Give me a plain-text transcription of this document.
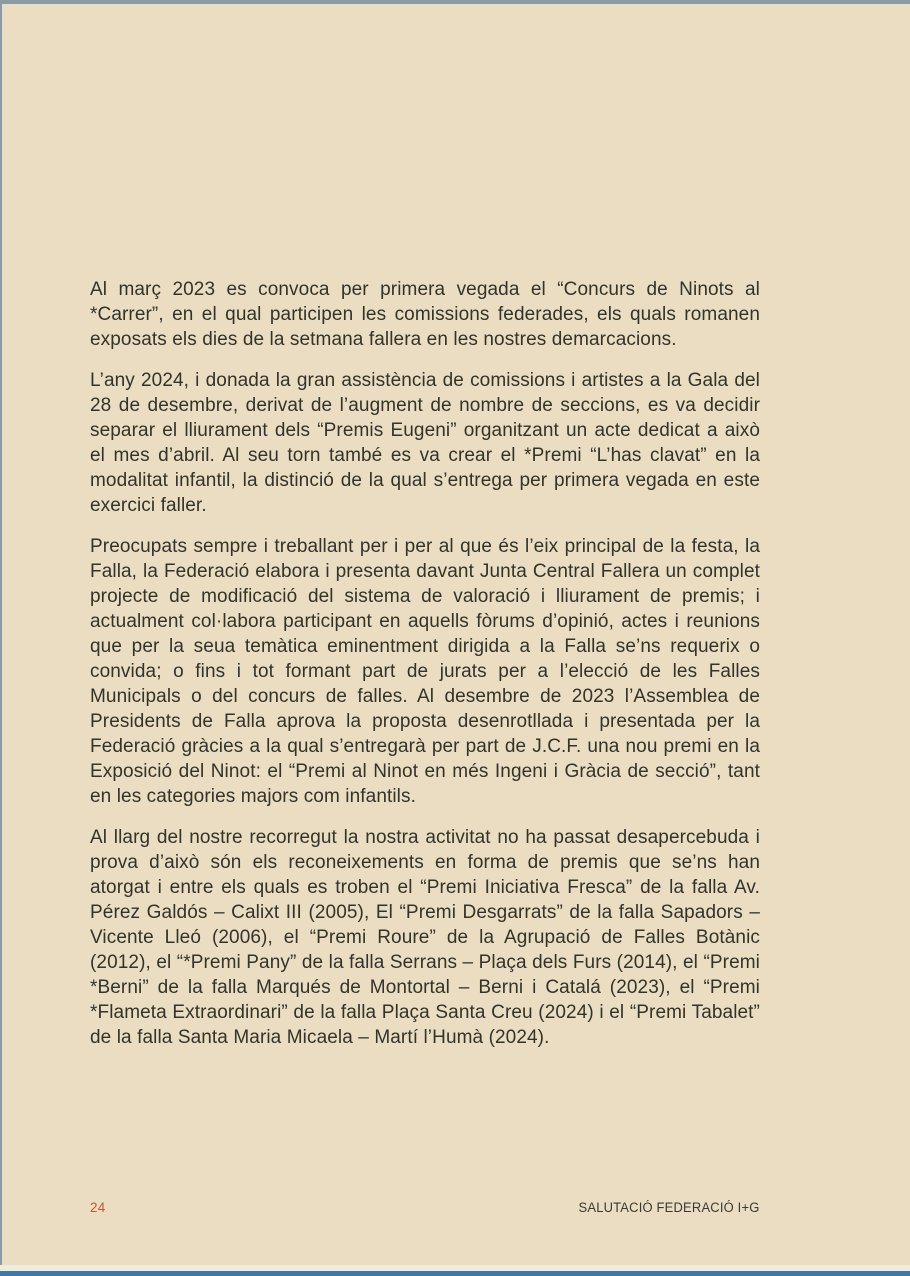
Al març 2023 es convoca per primera vegada el “Concurs de Ninots al *Carrer”, en el qual participen les comissions federades, els quals romanen exposats els dies de la setmana fallera en les nostres demarcacions.

L’any 2024, i donada la gran assistència de comissions i artistes a la Gala del 28 de desembre, derivat de l’augment de nombre de seccions, es va decidir separar el lliurament dels “Premis Eugeni” organitzant un acte dedicat a això el mes d’abril. Al seu torn també es va crear el *Premi “L’has clavat” en la modalitat infantil, la distinció de la qual s’entrega per primera vegada en este exercici faller.

Preocupats sempre i treballant per i per al que és l’eix principal de la festa, la Falla, la Federació elabora i presenta davant Junta Central Fallera un complet projecte de modificació del sistema de valoració i lliurament de premis; i actualment col·labora participant en aquells fòrums d’opinió, actes i reunions que per la seua temàtica eminentment dirigida a la Falla se’ns requerix o convida; o fins i tot formant part de jurats per a l’elecció de les Falles Municipals o del concurs de falles. Al desembre de 2023 l’Assemblea de Presidents de Falla aprova la proposta desenrotllada i presentada per la Federació gràcies a la qual s’entregarà per part de J.C.F. una nou premi en la Exposició del Ninot: el “Premi al Ninot en més Ingeni i Gràcia de secció”, tant en les categories majors com infantils.

Al llarg del nostre recorregut la nostra activitat no ha passat desapercebuda i prova d’això són els reconeixements en forma de premis que se’ns han atorgat i entre els quals es troben el “Premi Iniciativa Fresca” de la falla Av. Pérez Galdós – Calixt III (2005), El “Premi Desgarrats” de la falla Sapadors – Vicente Lleó (2006), el “Premi Roure” de la Agrupació de Falles Botànic (2012), el “*Premi Pany” de la falla Serrans – Plaça dels Furs (2014), el “Premi *Berni” de la falla Marqués de Montortal – Berni i Catalá (2023), el “Premi *Flameta Extraordinari” de la falla Plaça Santa Creu (2024) i el “Premi Tabalet” de la falla Santa Maria Micaela – Martí l’Humà (2024).

24	SALUTACIÓ FEDERACIÓ I+G
